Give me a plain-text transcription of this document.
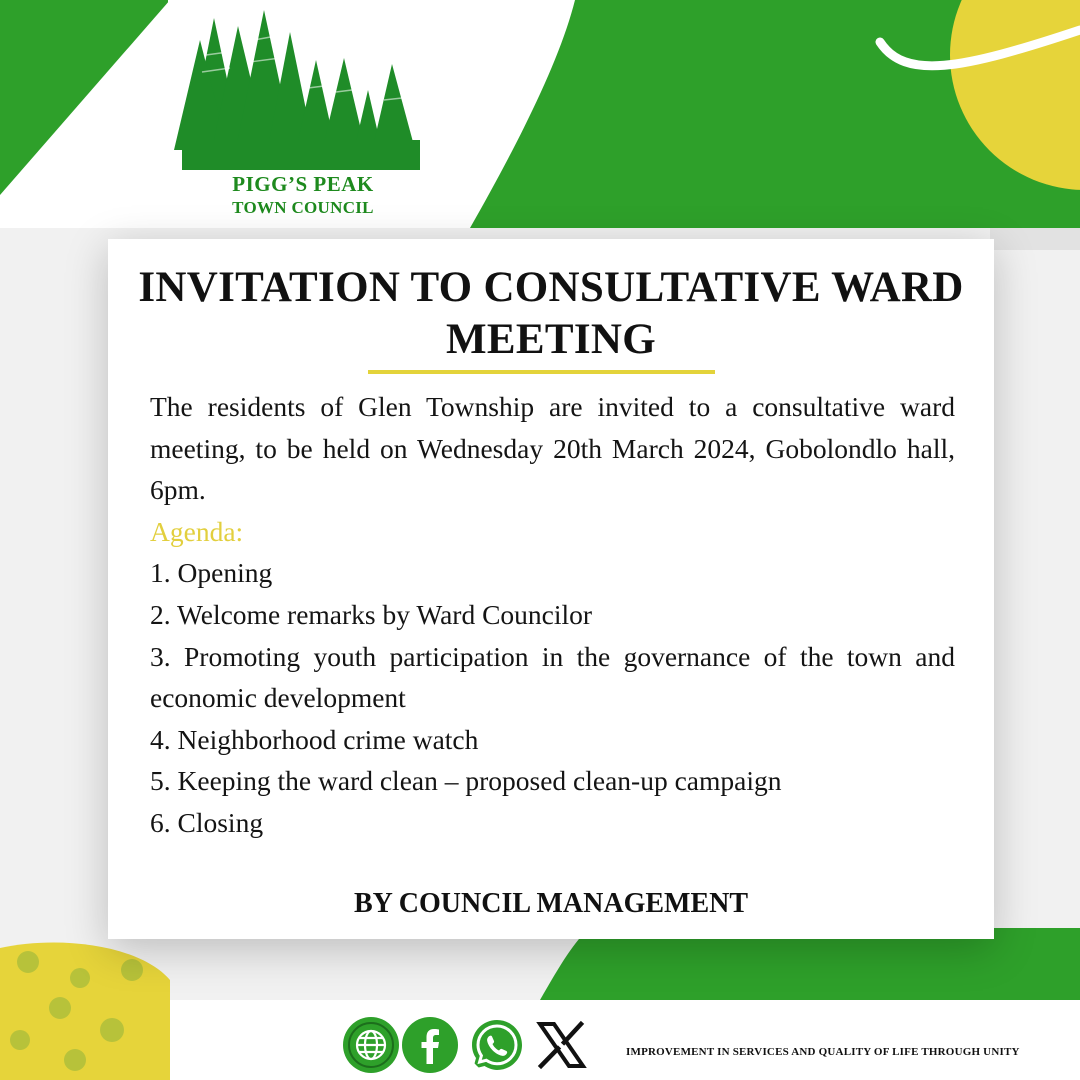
PIGG’S PEAK
TOWN COUNCIL
INVITATION TO CONSULTATIVE WARD MEETING

The residents of Glen Township are invited to a consultative ward meeting, to be held on Wednesday 20th March 2024, Gobolondlo hall, 6pm.

Agenda:

1. Opening

2. Welcome remarks by Ward Councilor

3. Promoting youth participation in the governance of the town and economic development

4. Neighborhood crime watch

5. Keeping the ward clean – proposed clean-up campaign

6. Closing

BY COUNCIL MANAGEMENT
IMPROVEMENT IN SERVICES AND QUALITY OF LIFE THROUGH UNITY
